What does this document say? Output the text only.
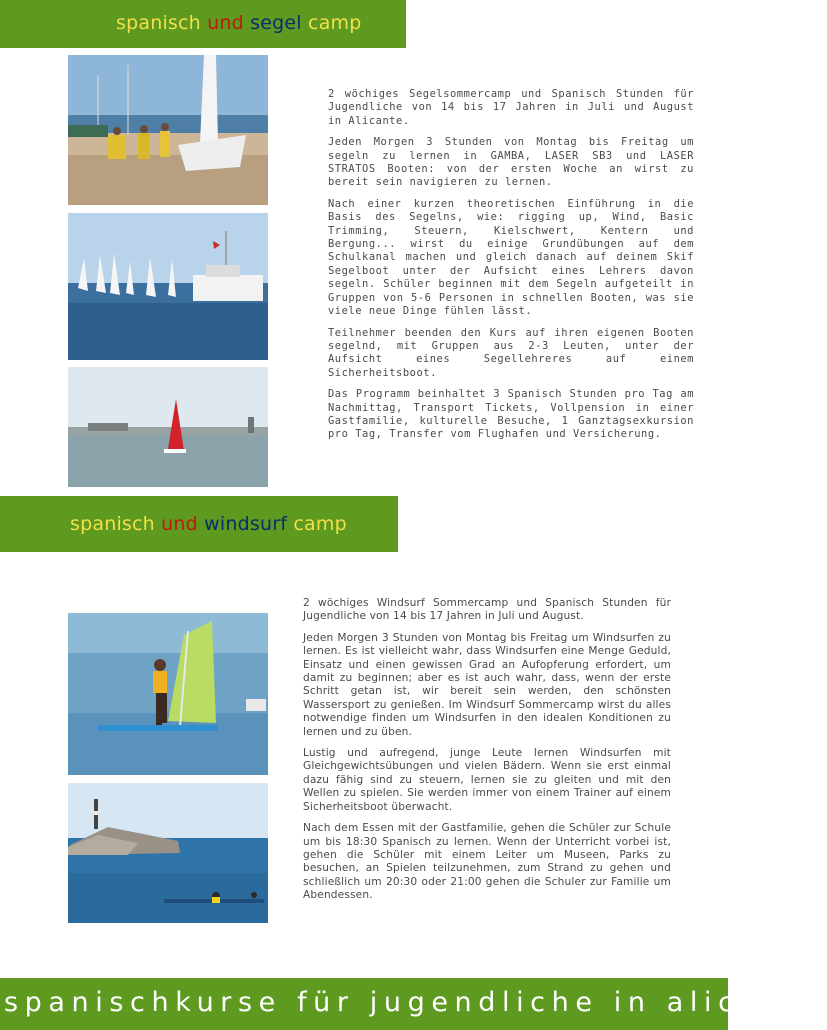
spanisch und segel camp

2 wöchiges Segelsommercamp und Spanisch Stunden für Jugendliche von 14 bis 17 Jahren in Juli und August in Alicante.

Jeden Morgen 3 Stunden von Montag bis Freitag um segeln zu lernen in GAMBA, LASER SB3 und LASER STRATOS Booten: von der ersten Woche an wirst zu bereit sein navigieren zu lernen.

Nach einer kurzen theoretischen Einführung in die Basis des Segelns, wie: rigging up, Wind, Basic Trimming, Steuern, Kielschwert, Kentern und Bergung... wirst du einige Grundübungen auf dem Schulkanal machen und gleich danach auf deinem Skif Segelboot unter der Aufsicht eines Lehrers davon segeln. Schüler beginnen mit dem Segeln aufgeteilt in Gruppen von 5-6 Personen in schnellen Booten, was sie viele neue Dinge fühlen lässt.

Teilnehmer beenden den Kurs auf ihren eigenen Booten segelnd, mit Gruppen aus 2-3 Leuten, unter der Aufsicht eines Segellehreres auf einem Sicherheitsboot.

Das Programm beinhaltet 3 Spanisch Stunden pro Tag am Nachmittag, Transport Tickets, Vollpension in einer Gastfamilie, kulturelle Besuche, 1 Ganztagsexkursion pro Tag, Transfer vom Flughafen und Versicherung.

spanisch und windsurf camp

2 wöchiges Windsurf Sommercamp und Spanisch Stunden für Jugendliche von 14 bis 17 Jahren in Juli und August.

Jeden Morgen 3 Stunden von Montag bis Freitag um Windsurfen zu lernen. Es ist vielleicht wahr, dass Windsurfen eine Menge Geduld, Einsatz und einen gewissen Grad an Aufopferung erfordert, um damit zu beginnen; aber es ist auch wahr, dass, wenn der erste Schritt getan ist, wir bereit sein werden, den schönsten Wassersport zu genießen. Im Windsurf Sommercamp wirst du alles notwendige finden um Windsurfen in den idealen Konditionen zu lernen und zu üben.

Lustig und aufregend, junge Leute lernen Windsurfen mit Gleichgewichtsübungen und vielen Bädern. Wenn sie erst einmal dazu fähig sind zu steuern, lernen sie zu gleiten und mit den Wellen zu spielen. Sie werden immer von einem Trainer auf einem Sicherheitsboot überwacht.

Nach dem Essen mit der Gastfamilie, gehen die Schüler zur Schule um bis 18:30 Spanisch zu lernen. Wenn der Unterricht vorbei ist, gehen die Schüler mit einem Leiter um Museen, Parks zu besuchen, an Spielen teilzunehmen, zum Strand zu gehen und schließlich um 20:30 oder 21:00 gehen die Schuler zur Familie um Abendessen.

spanischkurse für jugendliche in alicante
